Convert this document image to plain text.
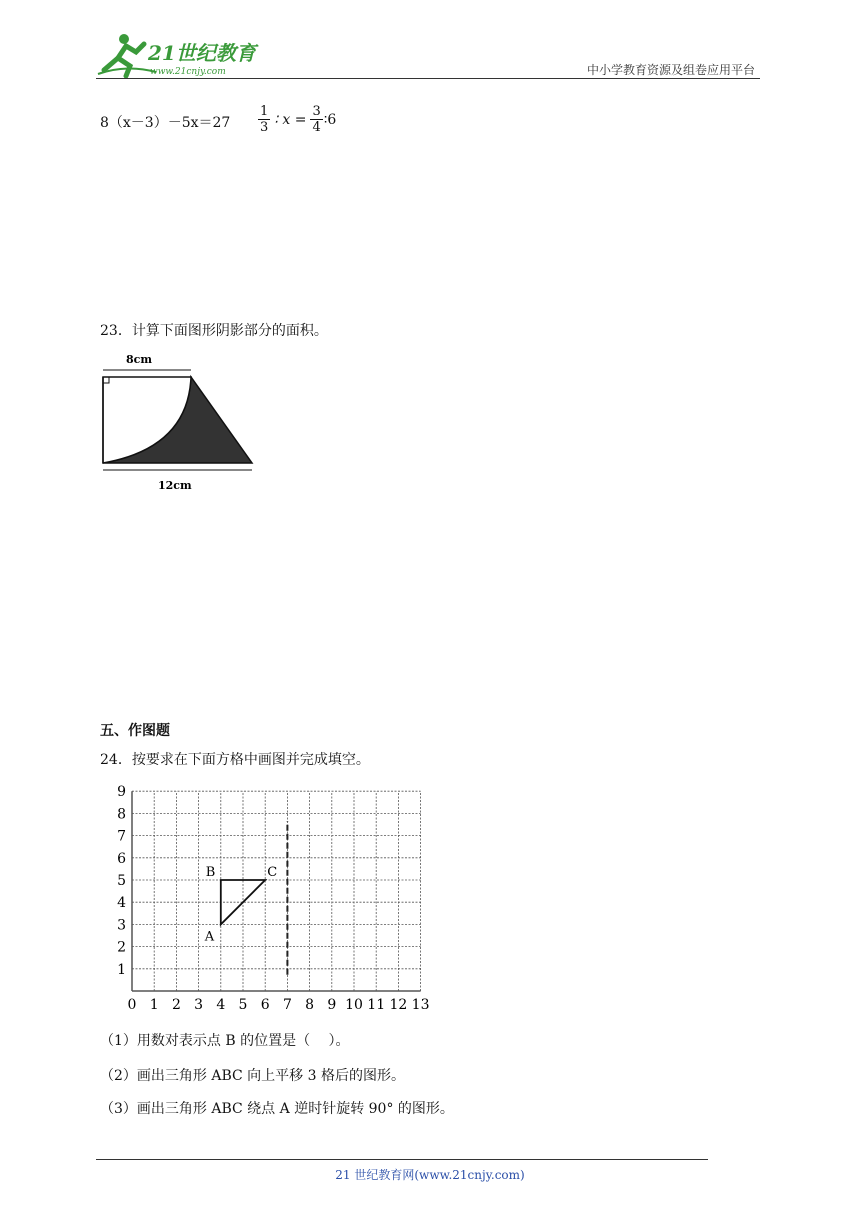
21世纪教育
www.21cnjy.com	中小学教育资源及组卷应用平台
$8(x-3)-5x=27 \frac{1}{3}$ ∶ $x = \frac{3}{4}$ ∶6
23．计算下面图形阴影部分的面积。
8cm
12cm
五、作图题
24．按要求在下面方格中画图并完成填空。
0 1 2 3 4 5 6 7 8 9 10 11 12 13
1
2
3
4
5
6
7
8
9
A
B	C
（1）用数对表示点 B 的位置是（　 ）。
（2）画出三角形 ABC 向上平移 3 格后的图形。
（3）画出三角形 ABC 绕点 A 逆时针旋转 90° 的图形。
21 世纪教育网(www.21cnjy.com)
